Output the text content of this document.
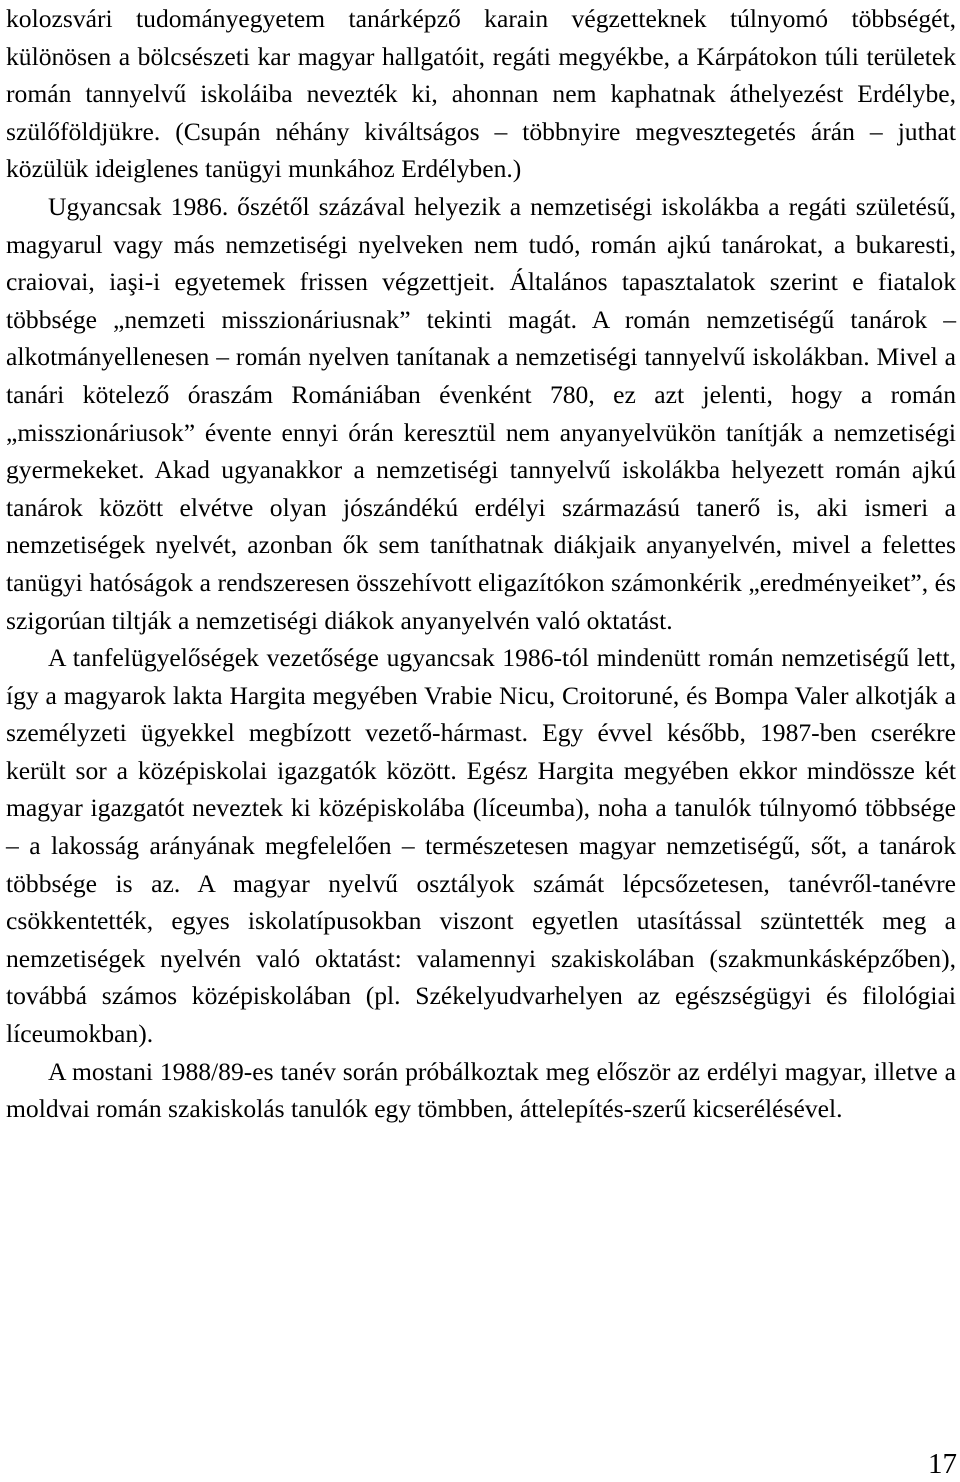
kolozsvári tudományegyetem tanárképző karain végzetteknek túlnyomó többségét, különösen a bölcsészeti kar magyar hallgatóit, regáti megyékbe, a Kárpátokon túli területek román tannyelvű iskoláiba nevezték ki, ahonnan nem kaphatnak áthelyezést Erdélybe, szülőföldjükre. (Csupán néhány kiváltságos – többnyire megvesztegetés árán – juthat közülük ideiglenes tanügyi munkához Erdélyben.)

Ugyancsak 1986. őszétől százával helyezik a nemzetiségi iskolákba a regáti születésű, magyarul vagy más nemzetiségi nyelveken nem tudó, román ajkú tanárokat, a bukaresti, craiovai, iaşi-i egyetemek frissen végzettjeit. Általános tapasztalatok szerint e fiatalok többsége „nemzeti misszionáriusnak” tekinti magát. A román nemzetiségű tanárok – alkotmányellenesen – román nyelven tanítanak a nemzetiségi tannyelvű iskolákban. Mivel a tanári kötelező óraszám Romániában évenként 780, ez azt jelenti, hogy a román „misszionáriusok” évente ennyi órán keresztül nem anyanyelvükön tanítják a nemzetiségi gyermekeket. Akad ugyanakkor a nemzetiségi tannyelvű iskolákba helyezett román ajkú tanárok között elvétve olyan jószándékú erdélyi származású tanerő is, aki ismeri a nemzetiségek nyelvét, azonban ők sem taníthatnak diákjaik anyanyelvén, mivel a felettes tanügyi hatóságok a rendszeresen összehívott eligazítókon számonkérik „eredményeiket”, és szigorúan tiltják a nemzetiségi diákok anyanyelvén való oktatást.

A tanfelügyelőségek vezetősége ugyancsak 1986-tól mindenütt román nemzetiségű lett, így a magyarok lakta Hargita megyében Vrabie Nicu, Croitoruné, és Bompa Valer alkotják a személyzeti ügyekkel megbízott vezető-hármast. Egy évvel később, 1987-ben cserékre került sor a középiskolai igazgatók között. Egész Hargita megyében ekkor mindössze két magyar igazgatót neveztek ki középiskolába (líceumba), noha a tanulók túlnyomó többsége – a lakosság arányának megfelelően – természetesen magyar nemzetiségű, sőt, a tanárok többsége is az. A magyar nyelvű osztályok számát lépcsőzetesen, tanévről-tanévre csökkentették, egyes iskolatípusokban viszont egyetlen utasítással szüntették meg a nemzetiségek nyelvén való oktatást: valamennyi szakiskolában (szakmunkásképzőben), továbbá számos középiskolában (pl. Székelyudvarhelyen az egészségügyi és filológiai líceumokban).

A mostani 1988/89-es tanév során próbálkoztak meg először az erdélyi magyar, illetve a moldvai román szakiskolás tanulók egy tömbben, áttelepítés-szerű kicserélésével.

17
